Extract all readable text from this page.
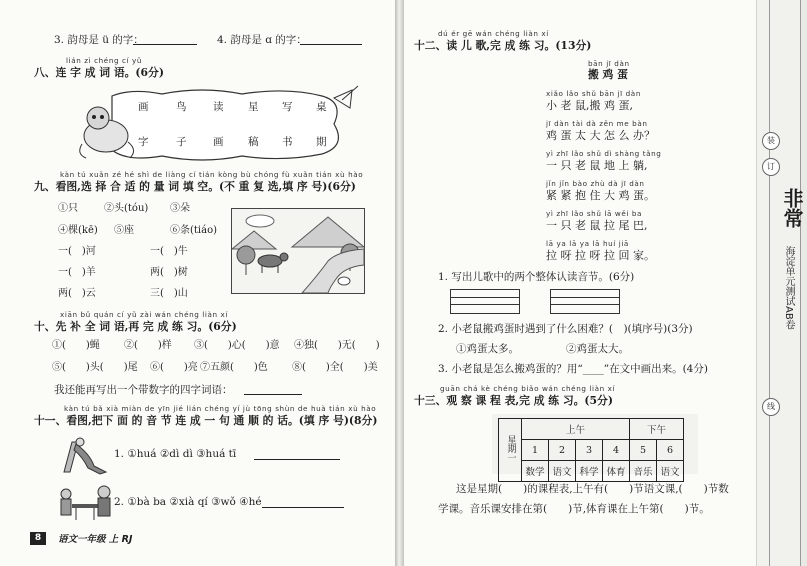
3. 韵母是 ü 的字：	4. 韵母是 ɑ 的字：
lián zì chéng cí yǔ
八、连 字 成 词 语。(6分)
kàn tú xuǎn zé hé shì de liàng cí tián kòng bù chóng fù xuǎn tián xù hào
九、看图,选 择 合 适 的 量 词 填 空。(不 重 复 选,填 序 号)(6分)
①只	②头(tóu) ③朵
④棵(kē) ⑤座	⑥条(tiáo)
一(　)河	一(　)牛
一(　)羊	两(　)树
两(　)云	三(　)山
xiān bǔ quán cí yǔ zài wán chéng liàn xí
十、先 补 全 词 语,再 完 成 练 习。(6分)
①(　　)蝇 ②(　　)样 ③(　　)心(　　)意 ④独(　　)无(　　)
⑤(　　)头(　　)尾 ⑥(　　)亮 ⑦五颜(　　)色 ⑧(　　)全(　　)美
我还能再写出一个带数字的四字词语：
kàn tú bǎ xià miàn de yīn jié lián chéng yí jù tōng shùn de huà tián xù hào
十一、看图,把下 面 的 音 节 连 成 一 句 通 顺 的 话。(填 序 号)(8分)
1. ①huá ②dì dì ③huá tī
2. ①bà ba ②xià qí ③wǒ ④hé
8	语文一年级 上 RJ
画	鸟	读 星 写 桌
字	子	画 稿 书 期
dú ér gē wán chéng liàn xí
十二、读 儿 歌,完 成 练 习。(13分)
bān jī dàn
搬 鸡 蛋
1. 写出儿歌中的两个整体认读音节。(6分)
2. 小老鼠搬鸡蛋时遇到了什么困难？(　)(填序号)(3分)
①鸡蛋太多。	②鸡蛋太大。
3. 小老鼠是怎么搬鸡蛋的？用“____”在文中画出来。(4分)
guān chá kè chéng biǎo wán chéng liàn xí
十三、观 察 课 程 表,完 成 练 习。(5分)
星期一	上午				下午	
	1	2	3	4	5	6
	数学	语文	科学	体育	音乐	语文
这是星期(　　)的课程表,上午有(　　)节语文课,(　　)节数
学课。音乐课安排在第(　　)节,体育课在上午第(　　)节。
xiǎo lǎo shǔ bān jī dàn
小 老 鼠,搬 鸡 蛋,
jī dàn tài dà zěn me bàn
鸡 蛋 太 大 怎 么 办？
yì zhī lǎo shǔ dì shàng tǎng
一 只 老 鼠 地 上 躺,
jǐn jǐn bào zhù dà jī dàn
紧 紧 抱 住 大 鸡 蛋。
yì zhī lǎo shǔ lā wěi ba
一 只 老 鼠 拉 尾 巴,
lā ya lā ya lā huí jiā
拉 呀 拉 呀 拉 回 家。
装
订
线
非常
海淀单元测试AB卷
